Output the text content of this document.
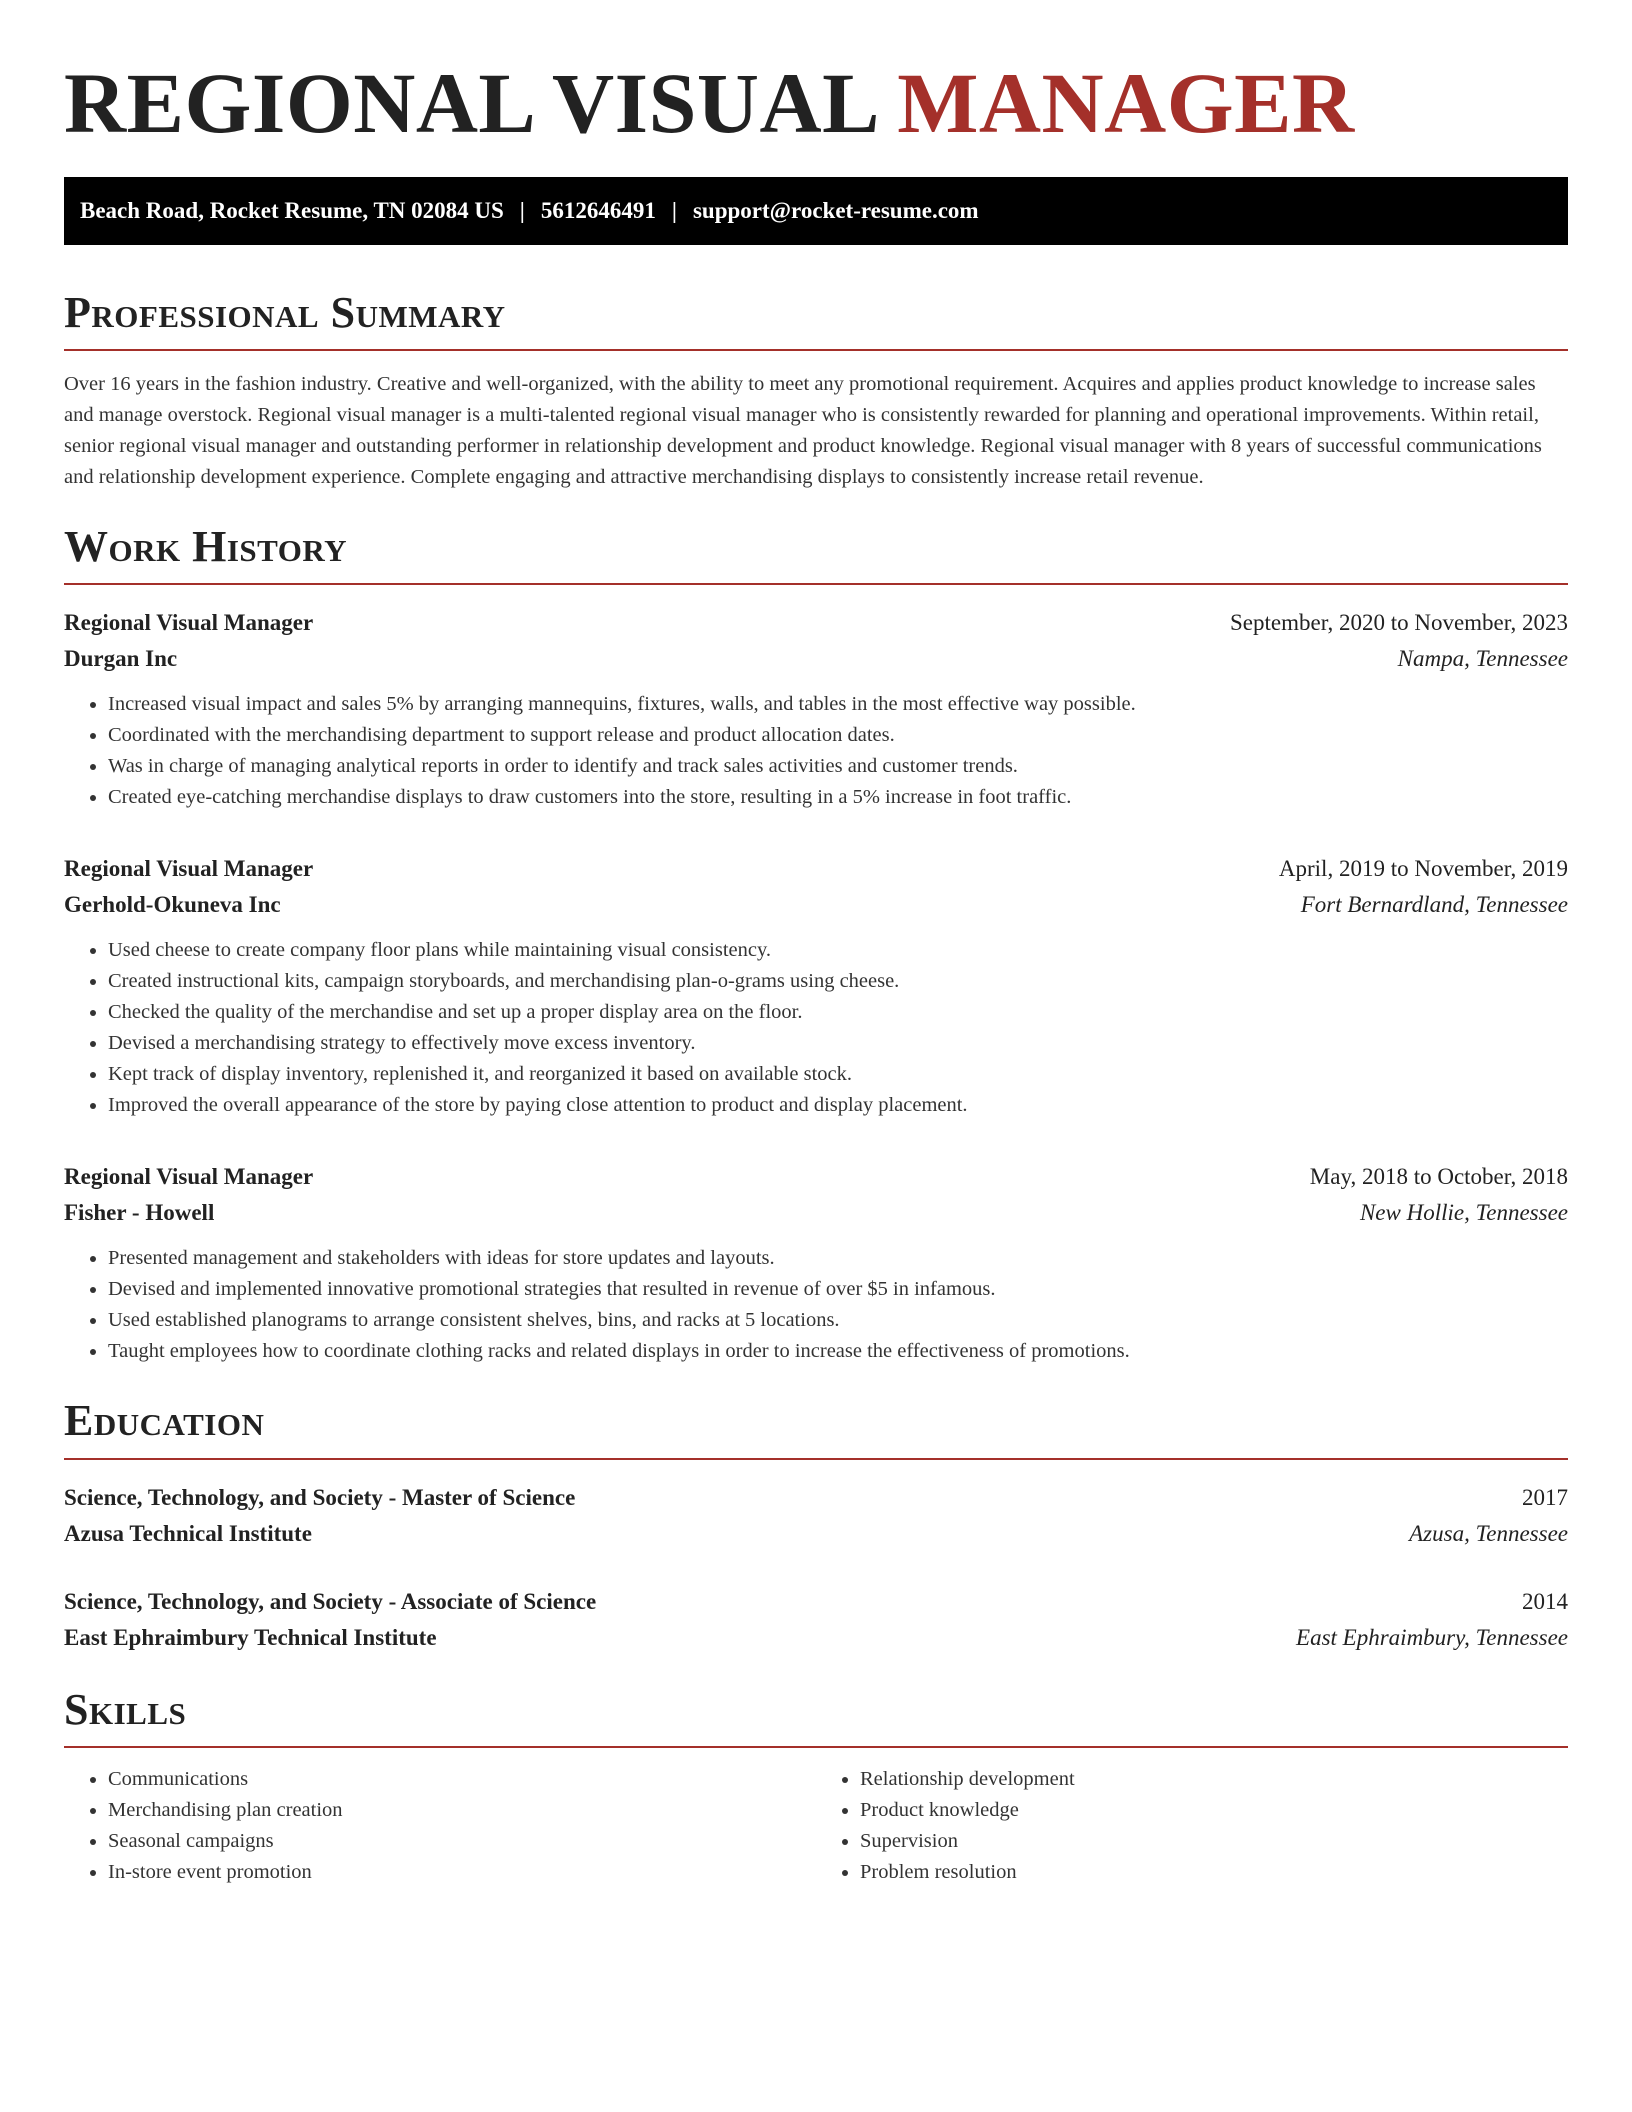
REGIONAL VISUAL MANAGER
Beach Road, Rocket Resume, TN 02084 US | 5612646491 | support@rocket-resume.com
Professional Summary

Over 16 years in the fashion industry. Creative and well-organized, with the ability to meet any promotional requirement. Acquires and applies product knowledge to increase sales and manage overstock. Regional visual manager is a multi-talented regional visual manager who is consistently rewarded for planning and operational improvements. Within retail, senior regional visual manager and outstanding performer in relationship development and product knowledge. Regional visual manager with 8 years of successful communications and relationship development experience. Complete engaging and attractive merchandising displays to consistently increase retail revenue.

Work History
Regional Visual Manager	September, 2020 to November, 2023
Durgan Inc	Nampa, Tennessee
• Increased visual impact and sales 5% by arranging mannequins, fixtures, walls, and tables in the most effective way possible.
• Coordinated with the merchandising department to support release and product allocation dates.
• Was in charge of managing analytical reports in order to identify and track sales activities and customer trends.
• Created eye-catching merchandise displays to draw customers into the store, resulting in a 5% increase in foot traffic.
Regional Visual Manager	April, 2019 to November, 2019
Gerhold-Okuneva Inc	Fort Bernardland, Tennessee
• Used cheese to create company floor plans while maintaining visual consistency.
• Created instructional kits, campaign storyboards, and merchandising plan-o-grams using cheese.
• Checked the quality of the merchandise and set up a proper display area on the floor.
• Devised a merchandising strategy to effectively move excess inventory.
• Kept track of display inventory, replenished it, and reorganized it based on available stock.
• Improved the overall appearance of the store by paying close attention to product and display placement.
Regional Visual Manager	May, 2018 to October, 2018
Fisher - Howell	New Hollie, Tennessee
• Presented management and stakeholders with ideas for store updates and layouts.
• Devised and implemented innovative promotional strategies that resulted in revenue of over $5 in infamous.
• Used established planograms to arrange consistent shelves, bins, and racks at 5 locations.
• Taught employees how to coordinate clothing racks and related displays in order to increase the effectiveness of promotions.
Education
Science, Technology, and Society - Master of Science	2017
Azusa Technical Institute	Azusa, Tennessee
Science, Technology, and Society - Associate of Science	2014
East Ephraimbury Technical Institute	East Ephraimbury, Tennessee
Skills
• Communications
• Merchandising plan creation
• Seasonal campaigns
• In-store event promotion
• Relationship development
• Product knowledge
• Supervision
• Problem resolution
